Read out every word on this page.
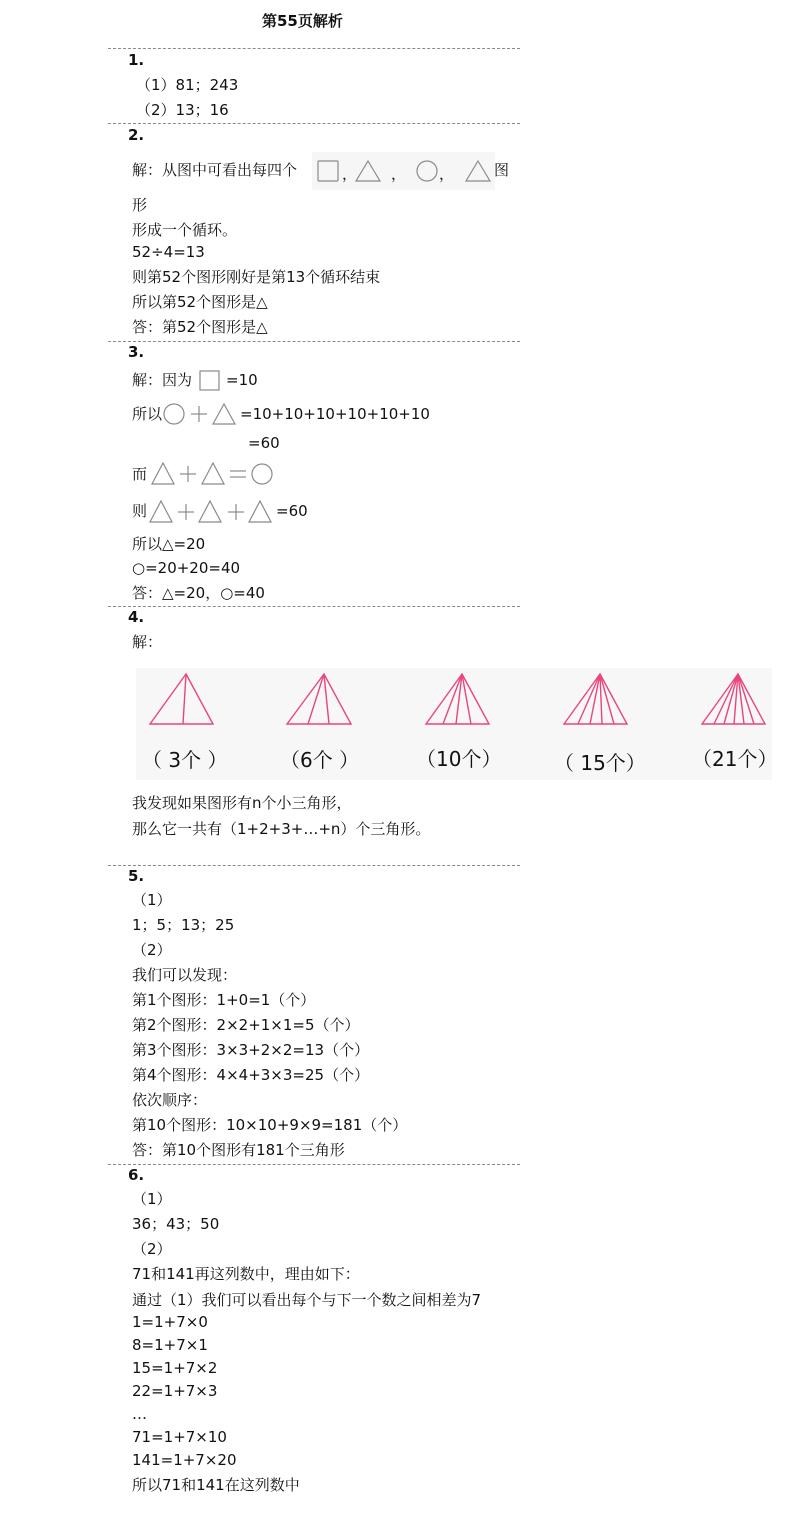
第55页解析
1.
（1）81；243
（2）13；16
2.
解：从图中可看出每四个	， ， ，	图
形
形成一个循环。
52÷4=13
则第52个图形刚好是第13个循环结束
所以第52个图形是△
答：第52个图形是△
3.
解：因为 =10
所以	=10+10+10+10+10+10
=60
而
则	=60
所以△=20
○=20+20=40
答：△=20，○=40
4.
解：
（ 3个 ）	（6个 ）	（10个）	（ 15个） （21个）
我发现如果图形有n个小三角形，
那么它一共有（1+2+3+…+n）个三角形。
5.
（1）
1；5；13；25
（2）
我们可以发现：
第1个图形：1+0=1（个）
第2个图形：2×2+1×1=5（个）
第3个图形：3×3+2×2=13（个）
第4个图形：4×4+3×3=25（个）
依次顺序：
第10个图形：10×10+9×9=181（个）
答：第10个图形有181个三角形
6.
（1）
36；43；50
（2）
71和141再这列数中，理由如下：
通过（1）我们可以看出每个与下一个数之间相差为7
1=1+7×0
8=1+7×1
15=1+7×2
22=1+7×3
…
71=1+7×10
141=1+7×20
所以71和141在这列数中
